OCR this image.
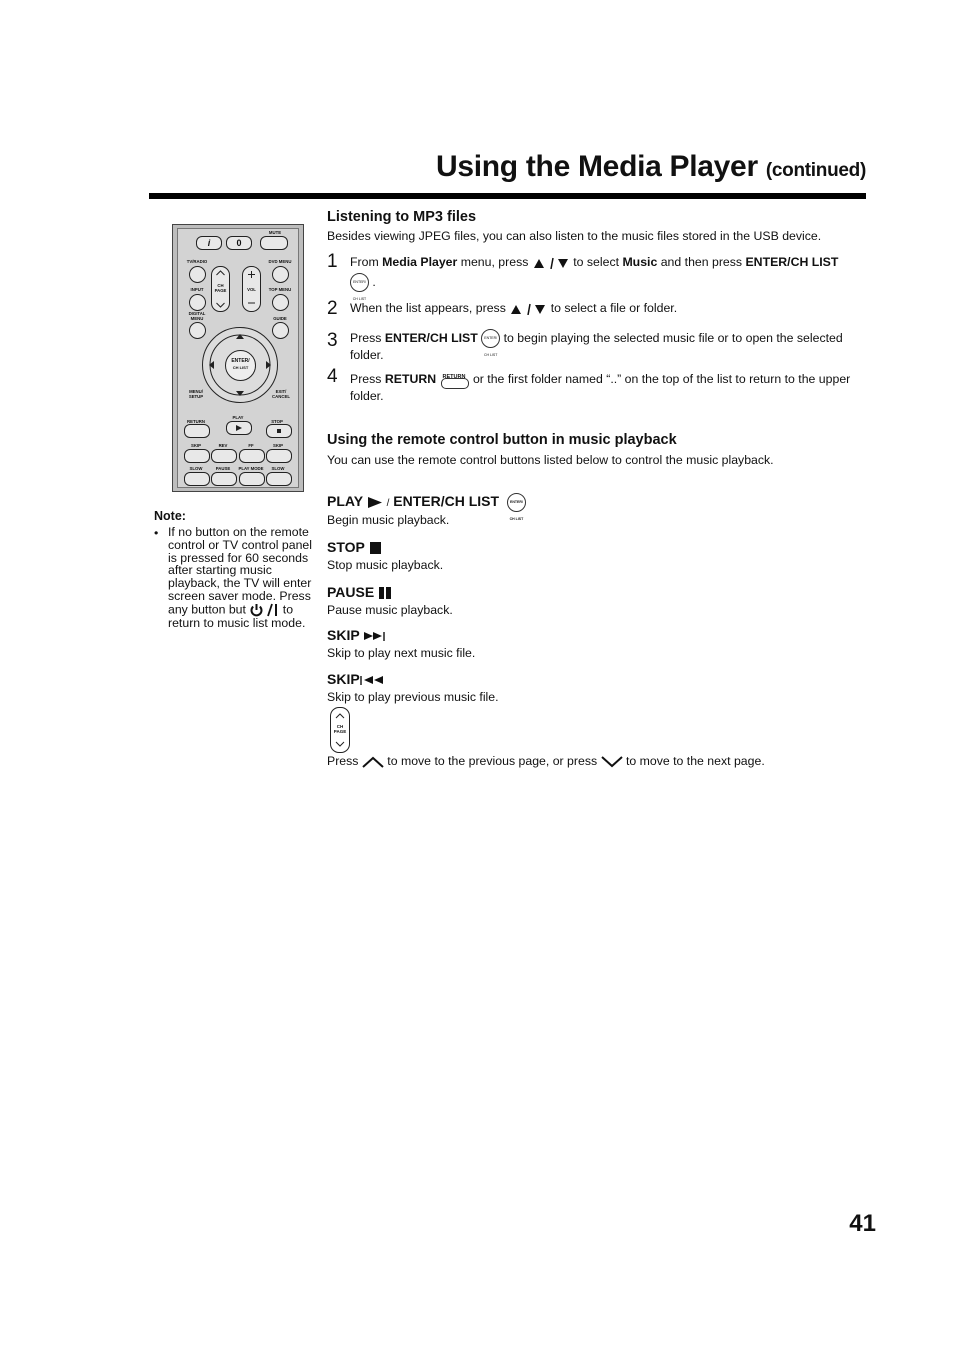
Using the Media Player (continued)
MUTE
i	0
TV/RADIO	DVD MENU
CH
PAGE	VOL
INPUT	TOP MENU
DIGITAL
MENU	GUIDE
ENTER/
CH LIST
MENU/
SETUP
EXIT/
CANCEL
RETURN
PLAY
STOP
SKIP	REV	FF	SKIP
SLOW	PAUSE	PLAY MODE	SLOW
Note:
• If no button on the remote control or TV control panel is pressed for 60 seconds after starting music playback, the TV will enter screen saver mode. Press any button but	to return to music list mode.
Listening to MP3 files
Besides viewing JPEG files, you can also listen to the music files stored in the USB device.
1 From Media Player menu, press	to select Music and then press ENTER/CH LIST
ENTER/ CH LIST .
2 When the list appears, press	to select a file or folder.
3 Press ENTER/CH LIST ENTER/ CH LIST to begin playing the selected music file or to open the selected folder.
4 Press RETURN RETURN or the first folder named “..” on the top of the list to return to the upper folder.
Using the remote control button in music playback
You can use the remote control buttons listed below to control the music playback.
PLAY / ENTER/CH LIST	ENTER/ CH LIST
Begin music playback.
STOP
Stop music playback.
PAUSE
Pause music playback.
SKIP
Skip to play next music file.
SKIP
Skip to play previous music file.
CH
PAGE
Press  to move to the previous page, or press  to move to the next page.
41
